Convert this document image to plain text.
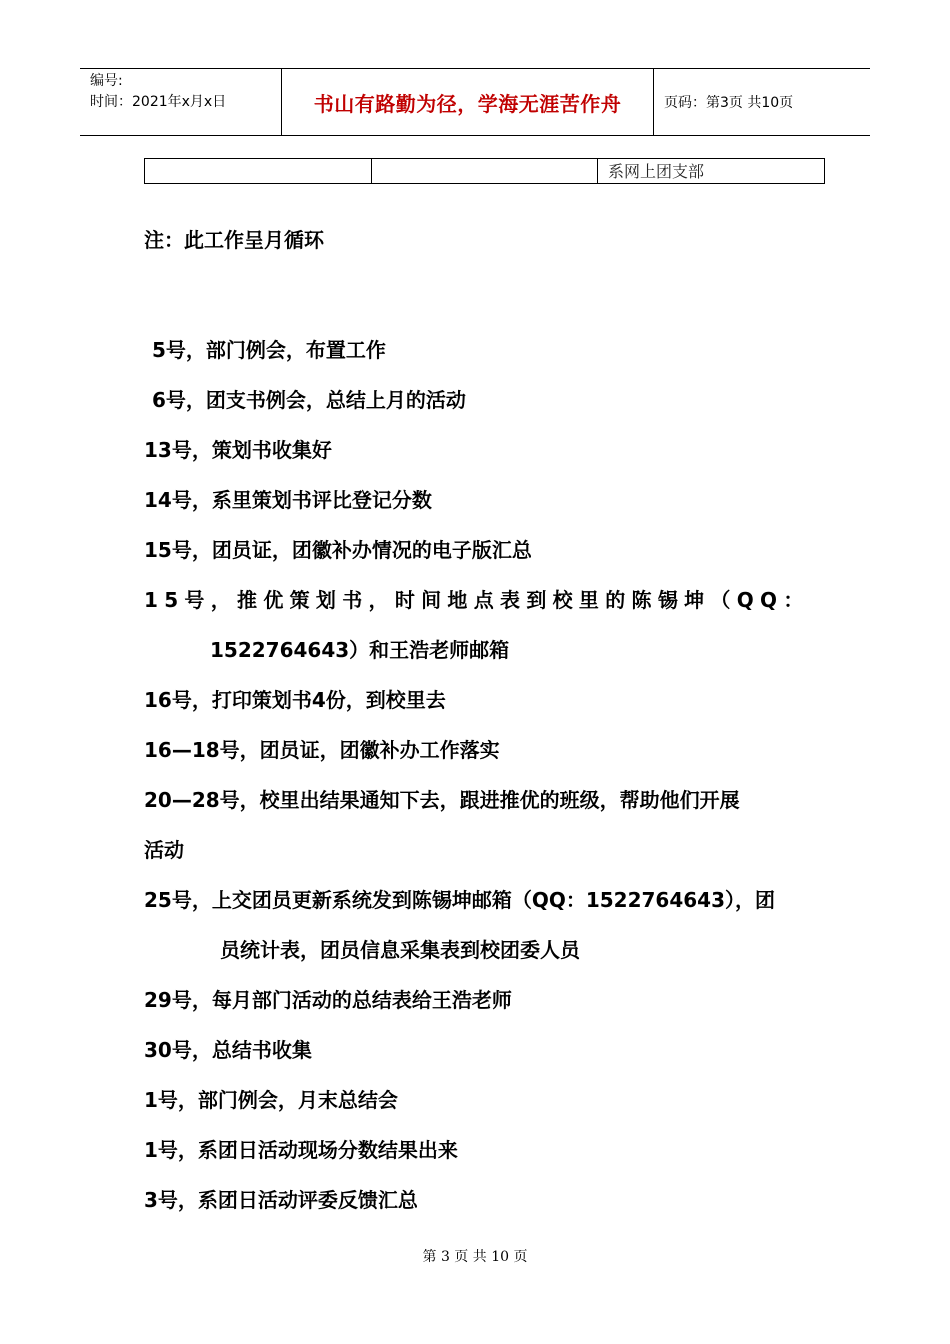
编号:
时间：2021年x月x日	书山有路勤为径，学海无涯苦作舟	页码：第3页 共10页
系网上团支部
注：此工作呈月循环
5号，部门例会，布置工作
6号，团支书例会，总结上月的活动
13号，策划书收集好
14号，系里策划书评比登记分数
15号，团员证，团徽补办情况的电子版汇总
15号，推优策划书，时间地点表到校里的陈锡坤（QQ：
1522764643）和王浩老师邮箱
16号，打印策划书4份，到校里去
16—18号，团员证，团徽补办工作落实
20—28号，校里出结果通知下去，跟进推优的班级，帮助他们开展
活动
25号，上交团员更新系统发到陈锡坤邮箱（QQ：1522764643），团
员统计表，团员信息采集表到校团委人员
29号，每月部门活动的总结表给王浩老师
30号，总结书收集
1号，部门例会，月末总结会
1号，系团日活动现场分数结果出来
3号，系团日活动评委反馈汇总
第 3 页 共 10 页
